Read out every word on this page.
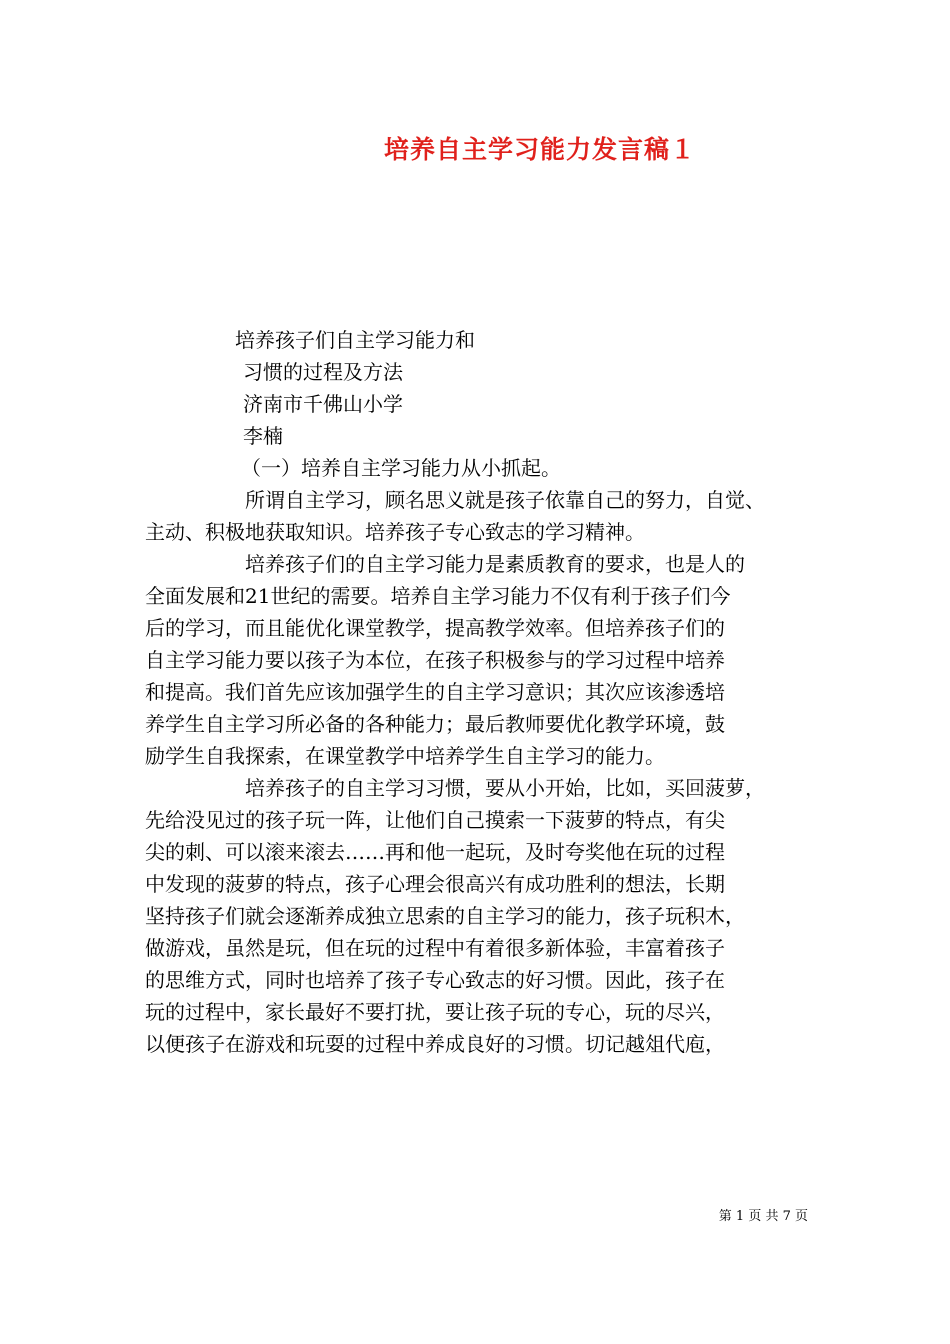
培养自主学习能力发言稿１
培养孩子们自主学习能力和
习惯的过程及方法
济南市千佛山小学
李楠
（一）培养自主学习能力从小抓起。
所谓自主学习，顾名思义就是孩子依靠自己的努力，自觉、
主动、积极地获取知识。培养孩子专心致志的学习精神。
培养孩子们的自主学习能力是素质教育的要求，也是人的
全面发展和21世纪的需要。培养自主学习能力不仅有利于孩子们今
后的学习，而且能优化课堂教学，提高教学效率。但培养孩子们的
自主学习能力要以孩子为本位，在孩子积极参与的学习过程中培养
和提高。我们首先应该加强学生的自主学习意识；其次应该渗透培
养学生自主学习所必备的各种能力；最后教师要优化教学环境，鼓
励学生自我探索，在课堂教学中培养学生自主学习的能力。
培养孩子的自主学习习惯，要从小开始，比如，买回菠萝，
先给没见过的孩子玩一阵，让他们自己摸索一下菠萝的特点，有尖
尖的刺、可以滚来滚去……再和他一起玩，及时夸奖他在玩的过程
中发现的菠萝的特点，孩子心理会很高兴有成功胜利的想法，长期
坚持孩子们就会逐渐养成独立思索的自主学习的能力，孩子玩积木，
做游戏，虽然是玩，但在玩的过程中有着很多新体验，丰富着孩子
的思维方式，同时也培养了孩子专心致志的好习惯。因此，孩子在
玩的过程中，家长最好不要打扰，要让孩子玩的专心，玩的尽兴，
以便孩子在游戏和玩耍的过程中养成良好的习惯。切记越俎代庖，
第 1 页 共 7 页
